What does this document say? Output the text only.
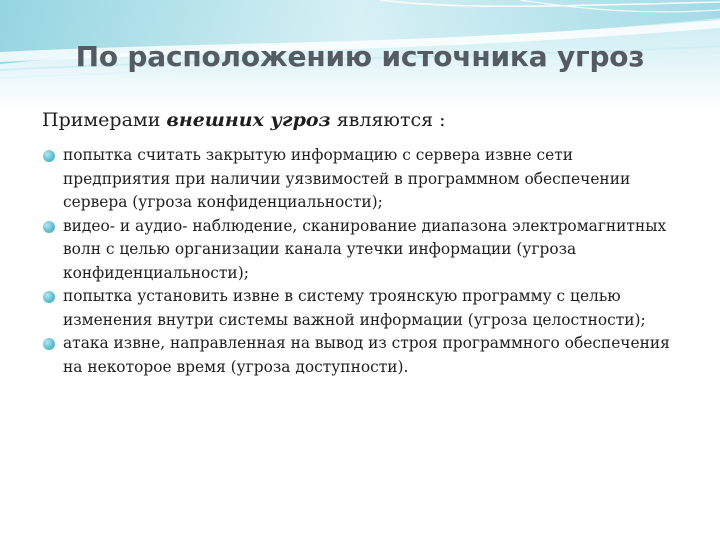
По расположению источника угроз
Примерами внешних угроз являются :
попытка считать закрытую информацию с сервера извне сети предприятия при наличии уязвимостей в программном обеспечении сервера (угроза конфиденциальности);
видео- и аудио- наблюдение, сканирование диапазона электромагнитных волн с целью организации канала утечки информации (угроза конфиденциальности);
попытка установить извне в систему троянскую программу с целью изменения внутри системы важной информации (угроза целостности);
атака извне, направленная на вывод из строя программного обеспечения на некоторое время (угроза доступности).
